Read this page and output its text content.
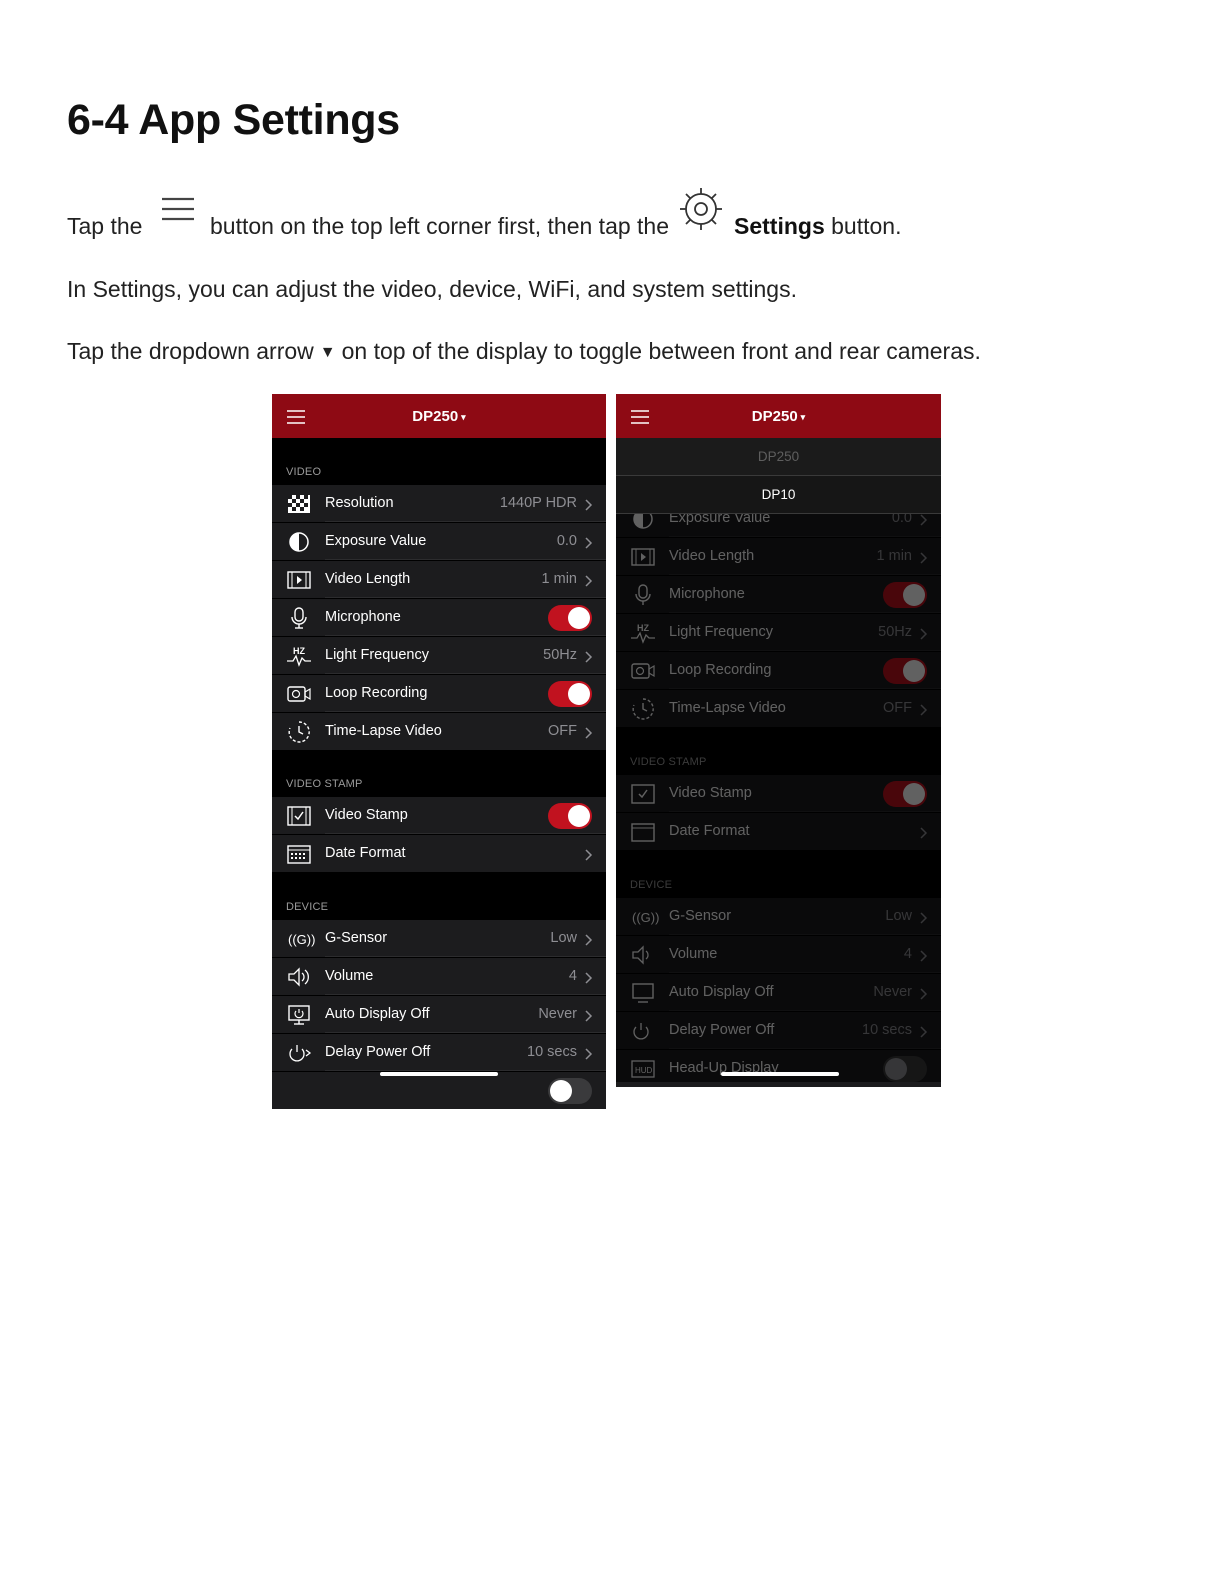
6-4 App Settings
Tap the	button on the top left corner first, then tap the	Settings button.
In Settings, you can adjust the video, device, WiFi, and system settings.
Tap the dropdown arrow ▼ on top of the display to toggle between front and rear cameras.
DP250 ▾
VIDEO
Resolution	1440P HDR
Exposure Value	0.0
Video Length	1 min
Microphone
HZ Light Frequency	50Hz
Loop Recording
Time-Lapse Video	OFF
VIDEO STAMP
Video Stamp
Date Format
DEVICE
((G)) G-Sensor	Low
Volume	4
Auto Display Off	Never
Delay Power Off	10 secs
DP250 ▾
DP250
DP10
